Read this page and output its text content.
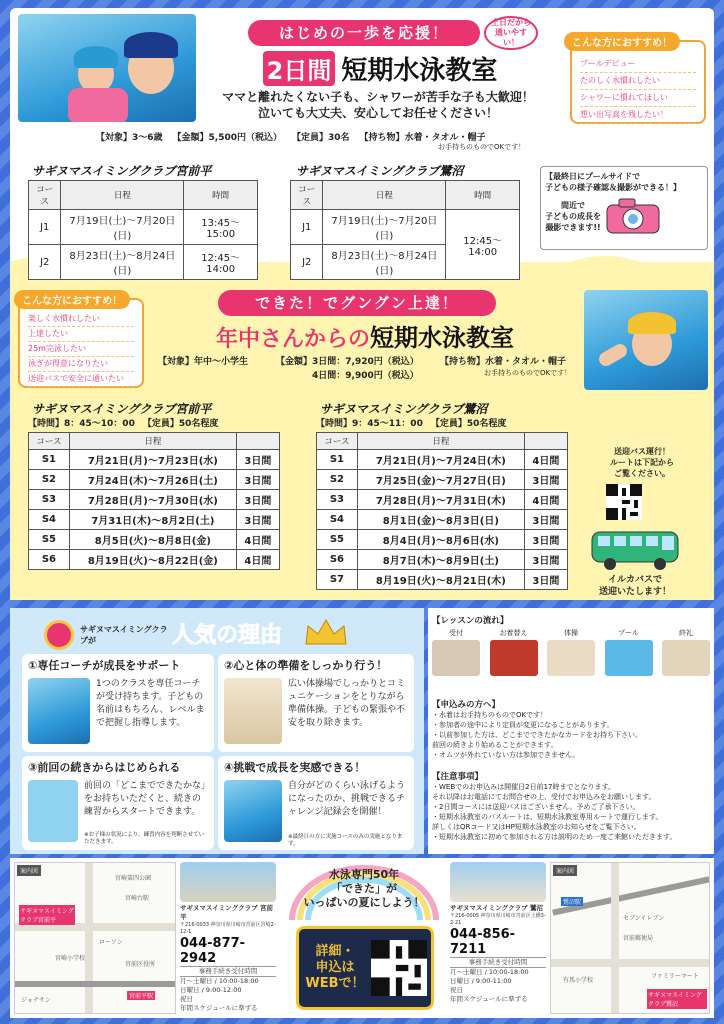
はじめの一歩を応援！
土日だから通いやすい！
2日間 短期水泳教室
ママと離れたくない子も、シャワーが苦手な子も大歓迎！
泣いても大丈夫、安心してお任せください！
【対象】3〜6歳 【金額】5,500円（税込） 【定員】30名 【持ち物】水着・タオル・帽子
お手持ちのものでOKです！
こんな方におすすめ！
プールデビュー
たのしく水慣れしたい
シャワーに慣れてほしい
想い出写真を残したい！
サギヌマスイミングクラブ宮前平
コース	日程	時間
J1	7月19日(土)〜7月20日(日)	13:45〜15:00
J2	8月23日(土)〜8月24日(日)	12:45〜14:00
サギヌマスイミングクラブ鷺沼
コース	日程	時間
J1	7月19日(土)〜7月20日(日)	12:45〜14:00
J2	8月23日(土)〜8月24日(日)	
【最終日にプールサイドで
子どもの様子確認＆撮影ができる！】
間近で
子どもの成長を
撮影できます!!
こんな方におすすめ！
楽しく水慣れしたい
上達したい
25m完泳したい
泳ぎが得意になりたい
送迎バスで安全に通いたい
できた！でグングン上達！
年中さんからの短期水泳教室
【対象】年中〜小学生	【金額】 3日間：7,920円（税込）
4日間：9,900円（税込）
【持ち物】水着・タオル・帽子
お手持ちのものでOKです！
サギヌマスイミングクラブ宮前平
【時間】8：45〜10：00 【定員】50名程度
コース	日程	
S1	7月21日(月)〜7月23日(水)	3日間
S2	7月24日(木)〜7月26日(土)	3日間
S3	7月28日(月)〜7月30日(水)	3日間
S4	7月31日(木)〜8月2日(土)	3日間
S5	8月5日(火)〜8月8日(金)	4日間
S6	8月19日(火)〜8月22日(金)	4日間
サギヌマスイミングクラブ鷺沼
【時間】9：45〜11：00 【定員】50名程度
コース	日程	
S1	7月21日(月)〜7月24日(木)	4日間
S2	7月25日(金)〜7月27日(日)	3日間
S3	7月28日(月)〜7月31日(木)	4日間
S4	8月1日(金)〜8月3日(日)	3日間
S5	8月4日(月)〜8月6日(水)	3日間
S6	8月7日(木)〜8月9日(土)	3日間
S7	8月19日(火)〜8月21日(木)	3日間
送迎バス運行！
ルートは下記から
ご覧ください。
イルカバスで
送迎いたします！
サギヌマスイミングクラブが	人気の理由
①専任コーチが成長をサポート
1つのクラスを専任コーチが受け持ちます。子どもの名前はもちろん、レベルまで把握し指導します。
②心と体の準備をしっかり行う！
広い体操場でしっかりとコミュニケーションをとりながら準備体操。子どもの緊張や不安を取り除きます。
③前回の続きからはじめられる
前回の「どこまでできたかな」をお持ちいただくと、続きの練習からスタートできます。
※お子様の状況により、練習内容を判断させていただきます。
④挑戦で成長を実感できる！
自分がどのくらい泳げるようになったのか、挑戦できるチャレンジ記録会を開催！
※最終日の方に実施コースのみの実施となります。
【レッスンの流れ】
受付	お着替え	体操	プール	終礼
【申込みの方へ】
・水着はお手持ちのものでOKです！
・参加者の途中により定員が変更になることがあります。
・以前参加した方は、どこまでできたかなカードをお持ち下さい。
前回の続きより始めることができます。
・オムツが外れていない方は参加できません。
【注意事項】
・WEBでのお申込みは開催日2日前17時までとなります。
それ以降はお電話にてお問合せの上、受付でお申込みをお願いします。
・2日間コースには送迎バスはございません。予めご了承下さい。
・短期水泳教室のバスルートは、短期水泳教室専用ルートで運行します。
詳しくはQRコード又はHP短期水泳教室のお知らせをご覧下さい。
・短期水泳教室に初めて参加される方は説明のため一度ご来館いただきます。
案内図
宮崎第四公園
宮崎台駅
宮前平駅
宮崎小学校
宮前区役所
サギヌマスイミングクラブ宮前平
ローソン
ジョナサン
サギヌマスイミングクラブ 宮前平
〒216-0033 神奈川県川崎市宮前区宮崎2-12-1
044-877-2942
事務手続き受付時間
月〜土曜日 / 10:00-18:00
日曜日 / 9:00-12:00
祝日
年間スケジュールに準ずる
水泳専門50年
「できた」が
いっぱいの夏にしよう！
詳細・
申込は
WEBで！
サギヌマスイミングクラブ 鷺沼
〒216-0005 神奈川県川崎市宮前区土橋3-2-21
044-856-7211
事務手続き受付時間
月〜土曜日 / 10:00-18:00
日曜日 / 9:00-11:00
祝日
年間スケジュールに準ずる
案内図
鷺沼駅
セブンイレブン
宮前郵便局
サギヌマスイミングクラブ鷺沼
有馬小学校
ファミリーマート
